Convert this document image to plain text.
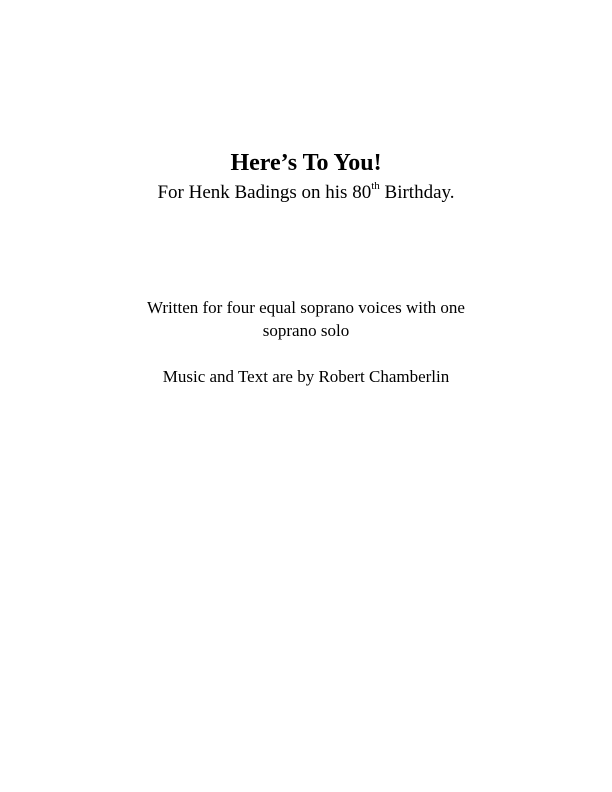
Here’s To You!

For Henk Badings on his 80th Birthday.

Written for four equal soprano voices with one
soprano solo

Music and Text are by Robert Chamberlin
